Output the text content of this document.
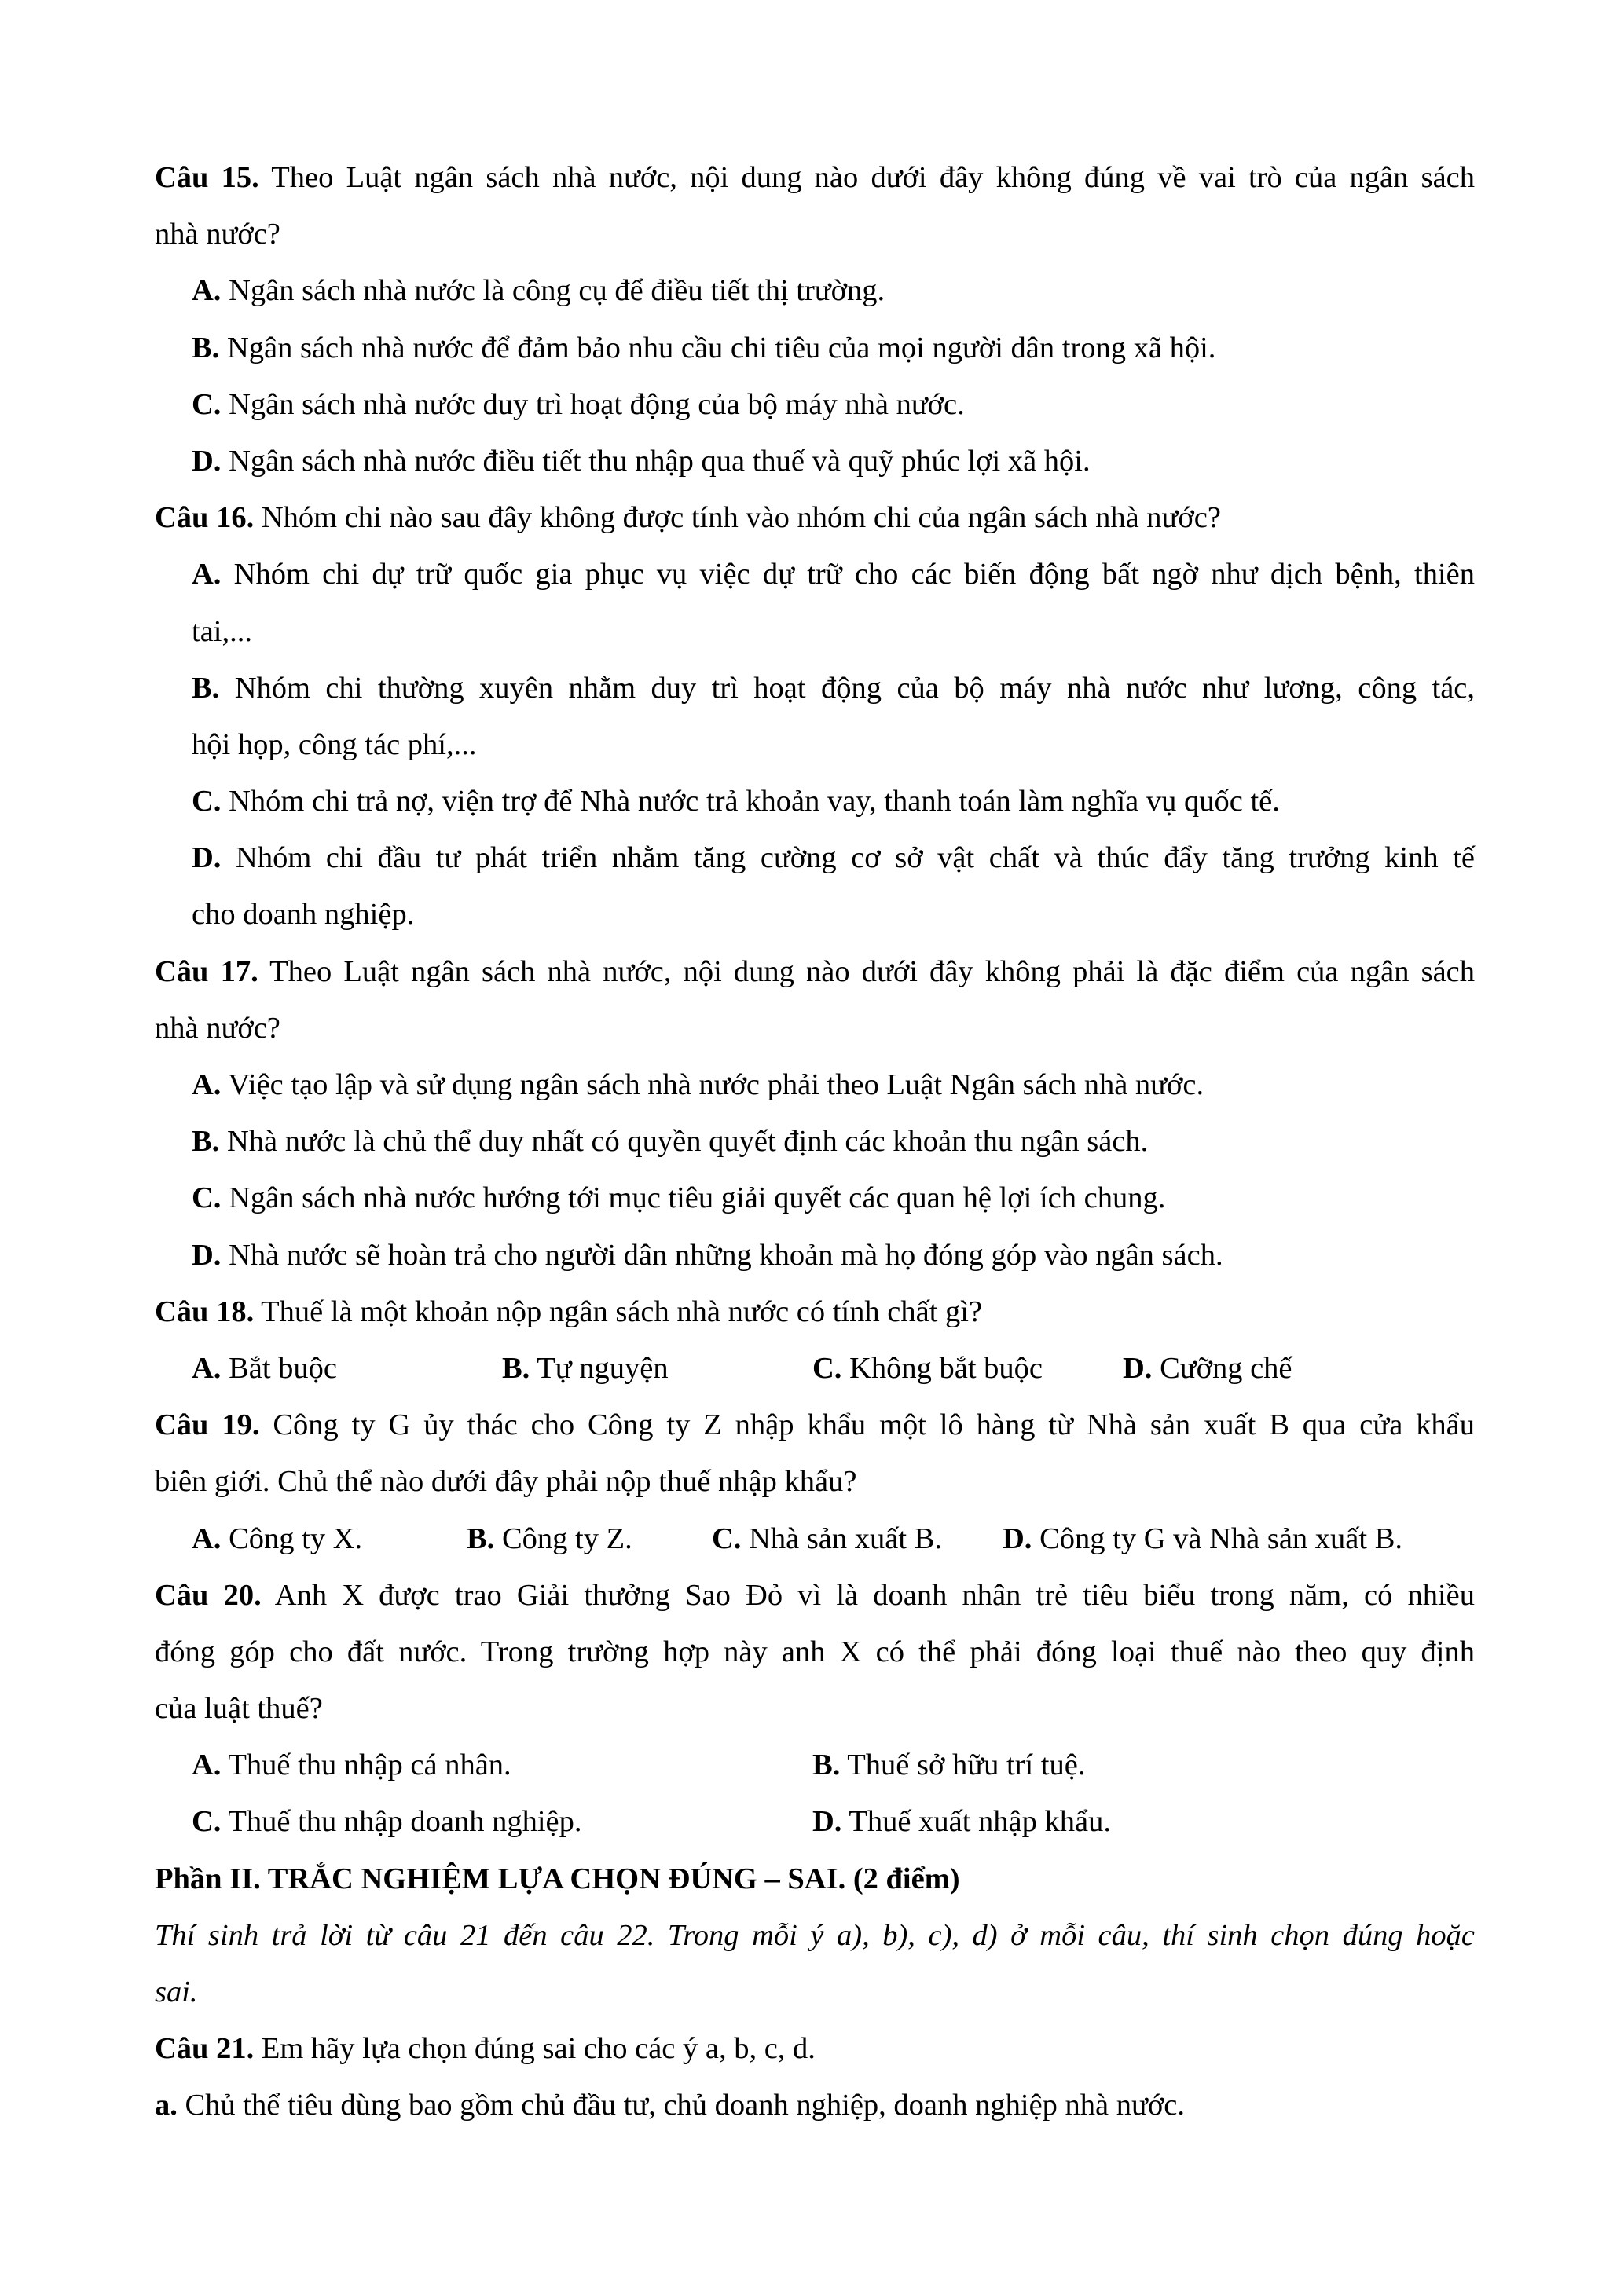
Câu 15. Theo Luật ngân sách nhà nước, nội dung nào dưới đây không đúng về vai trò của ngân sách
nhà nước?
A. Ngân sách nhà nước là công cụ để điều tiết thị trường.
B. Ngân sách nhà nước để đảm bảo nhu cầu chi tiêu của mọi người dân trong xã hội.
C. Ngân sách nhà nước duy trì hoạt động của bộ máy nhà nước.
D. Ngân sách nhà nước điều tiết thu nhập qua thuế và quỹ phúc lợi xã hội.
Câu 16. Nhóm chi nào sau đây không được tính vào nhóm chi của ngân sách nhà nước?
A. Nhóm chi dự trữ quốc gia phục vụ việc dự trữ cho các biến động bất ngờ như dịch bệnh, thiên
tai,...
B. Nhóm chi thường xuyên nhằm duy trì hoạt động của bộ máy nhà nước như lương, công tác,
hội họp, công tác phí,...
C. Nhóm chi trả nợ, viện trợ để Nhà nước trả khoản vay, thanh toán làm nghĩa vụ quốc tế.
D. Nhóm chi đầu tư phát triển nhằm tăng cường cơ sở vật chất và thúc đẩy tăng trưởng kinh tế
cho doanh nghiệp.
Câu 17. Theo Luật ngân sách nhà nước, nội dung nào dưới đây không phải là đặc điểm của ngân sách
nhà nước?
A. Việc tạo lập và sử dụng ngân sách nhà nước phải theo Luật Ngân sách nhà nước.
B. Nhà nước là chủ thể duy nhất có quyền quyết định các khoản thu ngân sách.
C. Ngân sách nhà nước hướng tới mục tiêu giải quyết các quan hệ lợi ích chung.
D. Nhà nước sẽ hoàn trả cho người dân những khoản mà họ đóng góp vào ngân sách.
Câu 18. Thuế là một khoản nộp ngân sách nhà nước có tính chất gì?
A. Bắt buộc	B. Tự nguyện	C. Không bắt buộc	D. Cưỡng chế
Câu 19. Công ty G ủy thác cho Công ty Z nhập khẩu một lô hàng từ Nhà sản xuất B qua cửa khẩu
biên giới. Chủ thể nào dưới đây phải nộp thuế nhập khẩu?
A. Công ty X.	B. Công ty Z.	C. Nhà sản xuất B.	D. Công ty G và Nhà sản xuất B.
Câu 20. Anh X được trao Giải thưởng Sao Đỏ vì là doanh nhân trẻ tiêu biểu trong năm, có nhiều
đóng góp cho đất nước. Trong trường hợp này anh X có thể phải đóng loại thuế nào theo quy định
của luật thuế?
A. Thuế thu nhập cá nhân.	B. Thuế sở hữu trí tuệ.
C. Thuế thu nhập doanh nghiệp.	D. Thuế xuất nhập khẩu.
Phần II. TRẮC NGHIỆM LỰA CHỌN ĐÚNG – SAI. (2 điểm)
Thí sinh trả lời từ câu 21 đến câu 22. Trong mỗi ý a), b), c), d) ở mỗi câu, thí sinh chọn đúng hoặc
sai.
Câu 21. Em hãy lựa chọn đúng sai cho các ý a, b, c, d.
a. Chủ thể tiêu dùng bao gồm chủ đầu tư, chủ doanh nghiệp, doanh nghiệp nhà nước.
